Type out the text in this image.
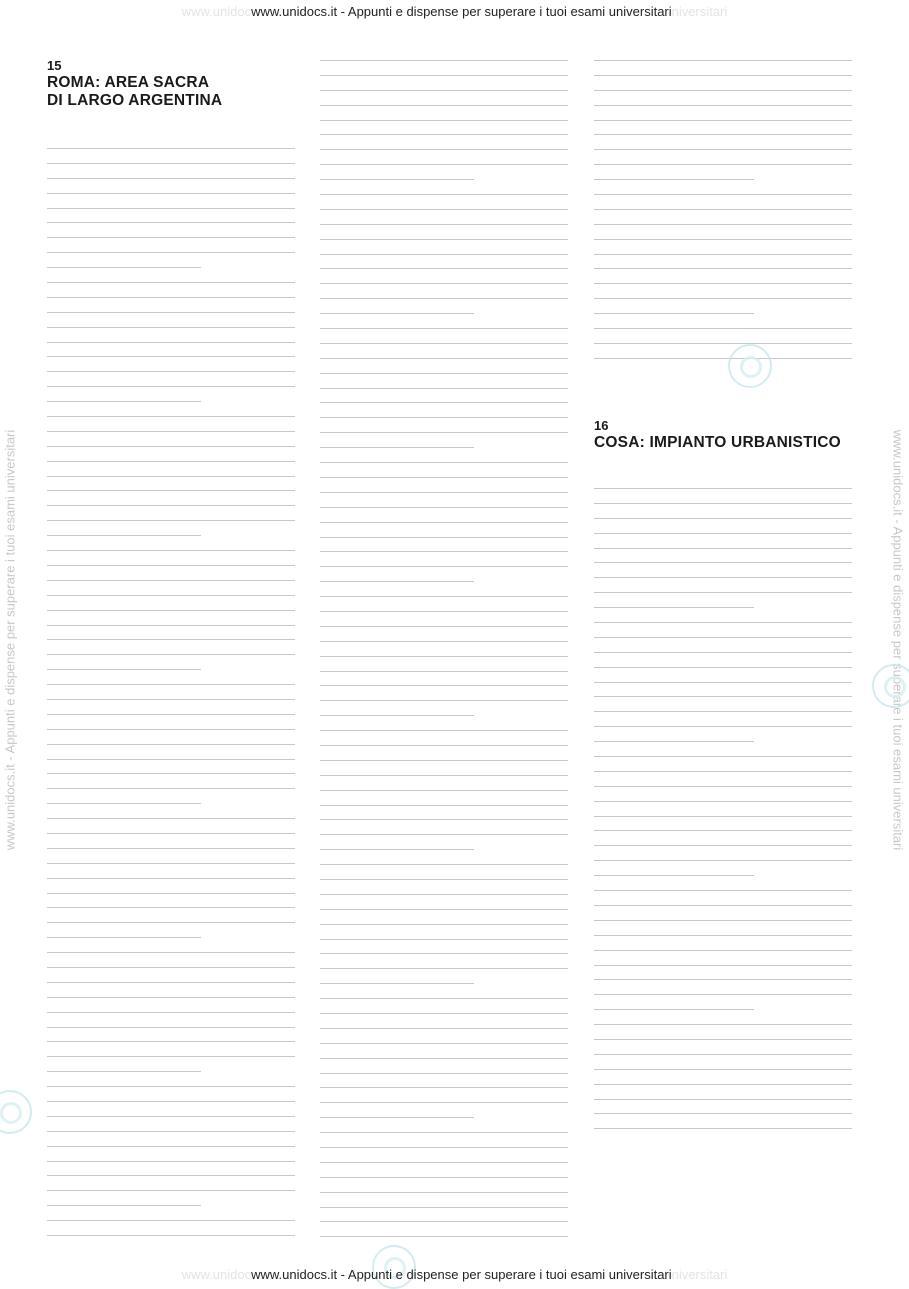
www.unidocwww.unidocs.it - Appunti e dispense per superare i tuoi esami universitariniversitari
www.unidocs.it - Appunti e dispense per superare i tuoi esami universitari	www.unidocs.it - Appunti e dispense per superare i tuoi esami universitari
15
ROMA: AREA SACRA
DI LARGO ARGENTINA
16
COSA: IMPIANTO URBANISTICO
www.unidocwww.unidocs.it - Appunti e dispense per superare i tuoi esami universitariniversitari
